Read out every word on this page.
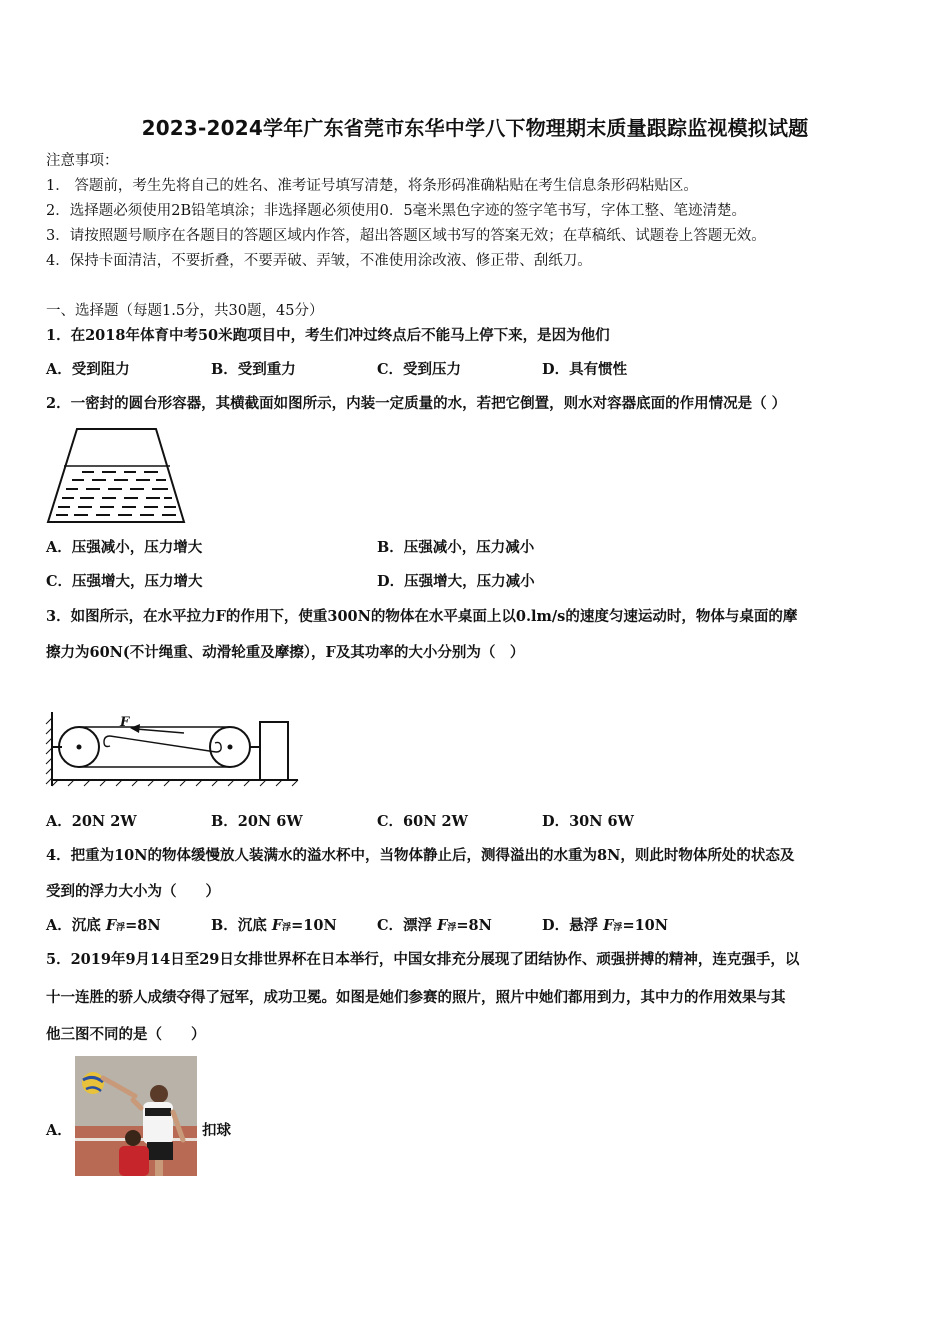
2023-2024学年广东省莞市东华中学八下物理期末质量跟踪监视模拟试题
注意事项：
1． 答题前，考生先将自己的姓名、准考证号填写清楚，将条形码准确粘贴在考生信息条形码粘贴区。
2．选择题必须使用2B铅笔填涂；非选择题必须使用0．5毫米黑色字迹的签字笔书写，字体工整、笔迹清楚。
3．请按照题号顺序在各题目的答题区域内作答，超出答题区域书写的答案无效；在草稿纸、试题卷上答题无效。
4．保持卡面清洁，不要折叠，不要弄破、弄皱，不准使用涂改液、修正带、刮纸刀。
一、选择题（每题1.5分，共30题，45分）
1．在2018年体育中考50米跑项目中，考生们冲过终点后不能马上停下来，是因为他们
A．受到阻力	B．受到重力	C．受到压力	D．具有惯性
2．一密封的圆台形容器，其横截面如图所示，内装一定质量的水，若把它倒置，则水对容器底面的作用情况是（ ）
A．压强减小，压力增大	B．压强减小，压力减小
C．压强增大，压力增大	D．压强增大，压力减小
3．如图所示，在水平拉力F的作用下，使重300N的物体在水平桌面上以0.lm/s的速度匀速运动时，物体与桌面的摩
擦力为60N(不计绳重、动滑轮重及摩擦），F及其功率的大小分别为（　）
F
A．20N 2W	B．20N 6W	C．60N 2W	D．30N 6W
4．把重为10N的物体缓慢放人装满水的溢水杯中，当物体静止后，测得溢出的水重为8N，则此时物体所处的状态及
受到的浮力大小为（　　）
A．沉底 F浮=8N	B．沉底 F浮=10N	C．漂浮 F浮=8N	D．悬浮 F浮=10N
5．2019年9月14日至29日女排世界杯在日本举行，中国女排充分展现了团结协作、顽强拼搏的精神，连克强手，以
十一连胜的骄人成绩夺得了冠军，成功卫冕。如图是她们参赛的照片，照片中她们都用到力，其中力的作用效果与其
他三图不同的是（　　）
A．	扣球
